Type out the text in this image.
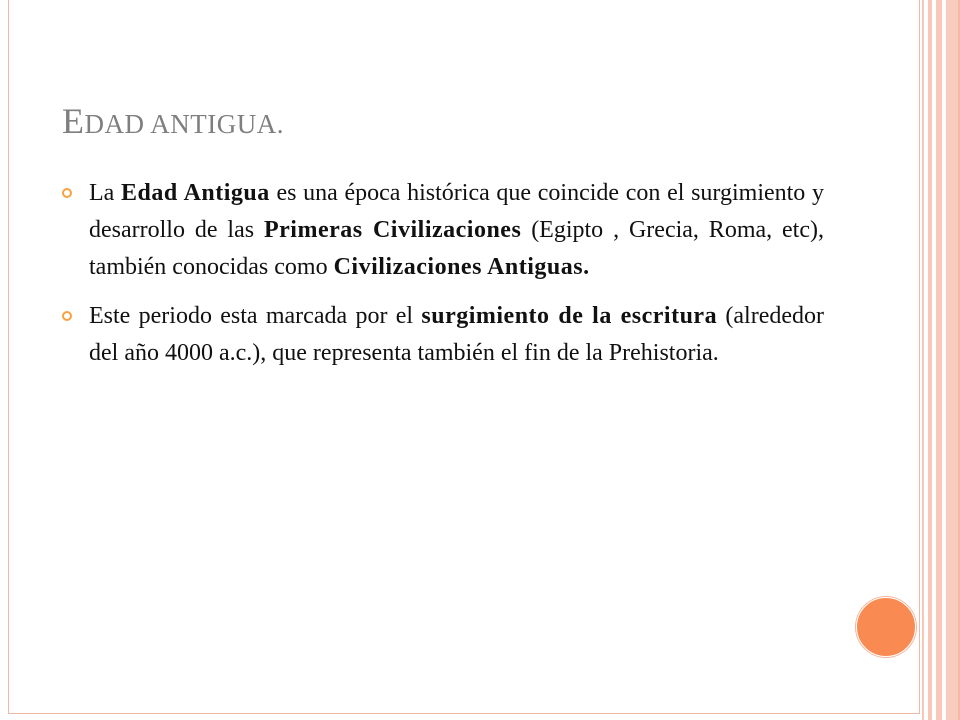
EDAD ANTIGUA.

La Edad Antigua es una época histórica que coincide con el surgimiento y desarrollo de las Primeras Civilizaciones (Egipto , Grecia, Roma, etc), también conocidas como Civilizaciones Antiguas.

Este periodo esta marcada por el surgimiento de la escritura (alrededor del año 4000 a.c.), que representa también el fin de la Prehistoria.
